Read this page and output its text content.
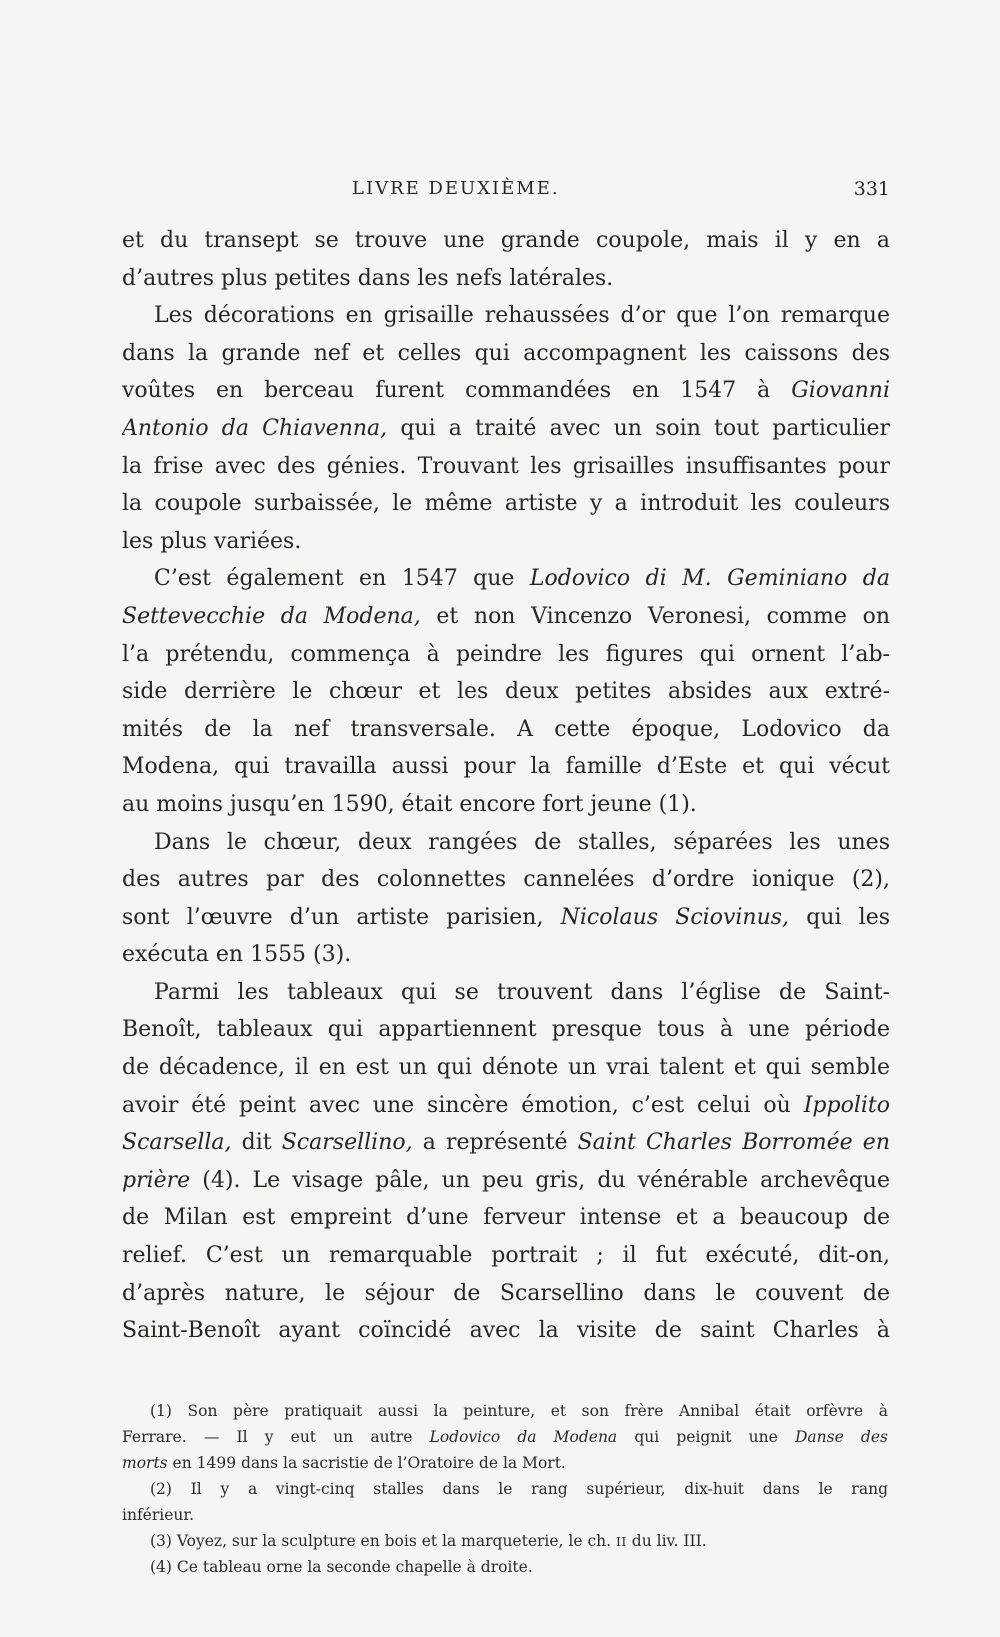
LIVRE DEUXIÈME.	331
et du transept se trouve une grande coupole, mais il y en a
d’autres plus petites dans les nefs latérales.
Les décorations en grisaille rehaussées d’or que l’on remarque
dans la grande nef et celles qui accompagnent les caissons des
voûtes en berceau furent commandées en 1547 à Giovanni
Antonio da Chiavenna, qui a traité avec un soin tout particulier
la frise avec des génies. Trouvant les grisailles insuffisantes pour
la coupole surbaissée, le même artiste y a introduit les couleurs
les plus variées.
C’est également en 1547 que Lodovico di M. Geminiano da
Settevecchie da Modena, et non Vincenzo Veronesi, comme on
l’a prétendu, commença à peindre les figures qui ornent l’ab-
side derrière le chœur et les deux petites absides aux extré-
mités de la nef transversale. A cette époque, Lodovico da
Modena, qui travailla aussi pour la famille d’Este et qui vécut
au moins jusqu’en 1590, était encore fort jeune (1).
Dans le chœur, deux rangées de stalles, séparées les unes
des autres par des colonnettes cannelées d’ordre ionique (2),
sont l’œuvre d’un artiste parisien, Nicolaus Sciovinus, qui les
exécuta en 1555 (3).
Parmi les tableaux qui se trouvent dans l’église de Saint-
Benoît, tableaux qui appartiennent presque tous à une période
de décadence, il en est un qui dénote un vrai talent et qui semble
avoir été peint avec une sincère émotion, c’est celui où Ippolito
Scarsella, dit Scarsellino, a représenté Saint Charles Borromée en
prière (4). Le visage pâle, un peu gris, du vénérable archevêque
de Milan est empreint d’une ferveur intense et a beaucoup de
relief. C’est un remarquable portrait ; il fut exécuté, dit-on,
d’après nature, le séjour de Scarsellino dans le couvent de
Saint-Benoît ayant coïncidé avec la visite de saint Charles à
(1) Son père pratiquait aussi la peinture, et son frère Annibal était orfèvre à
Ferrare. — Il y eut un autre Lodovico da Modena qui peignit une Danse des
morts en 1499 dans la sacristie de l’Oratoire de la Mort.
(2) Il y a vingt-cinq stalles dans le rang supérieur, dix-huit dans le rang
inférieur.
(3) Voyez, sur la sculpture en bois et la marqueterie, le ch. II du liv. III.
(4) Ce tableau orne la seconde chapelle à droite.
